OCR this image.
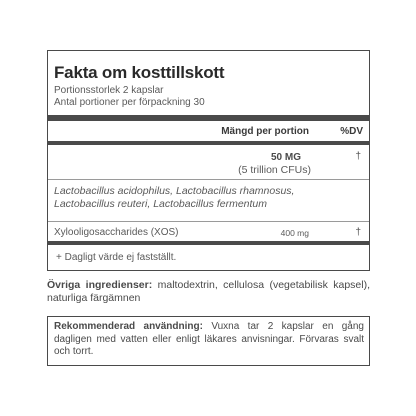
Fakta om kosttillskott
Portionsstorlek 2 kapslar
Antal portioner per förpackning 30
Mängd per portion	%DV
50 MG	†
(5 trillion CFUs)
Lactobacillus acidophilus, Lactobacillus rhamnosus, Lactobacillus reuteri, Lactobacillus fermentum
Xylooligosaccharides (XOS)	400 mg	†
+ Dagligt värde ej fastställt.
Övriga ingredienser: maltodextrin, cellulosa (vegetabilisk kapsel), naturliga färgämnen
Rekommenderad användning: Vuxna tar 2 kapslar en gång dagligen med vatten eller enligt läkares anvisningar. Förvaras svalt och torrt.
